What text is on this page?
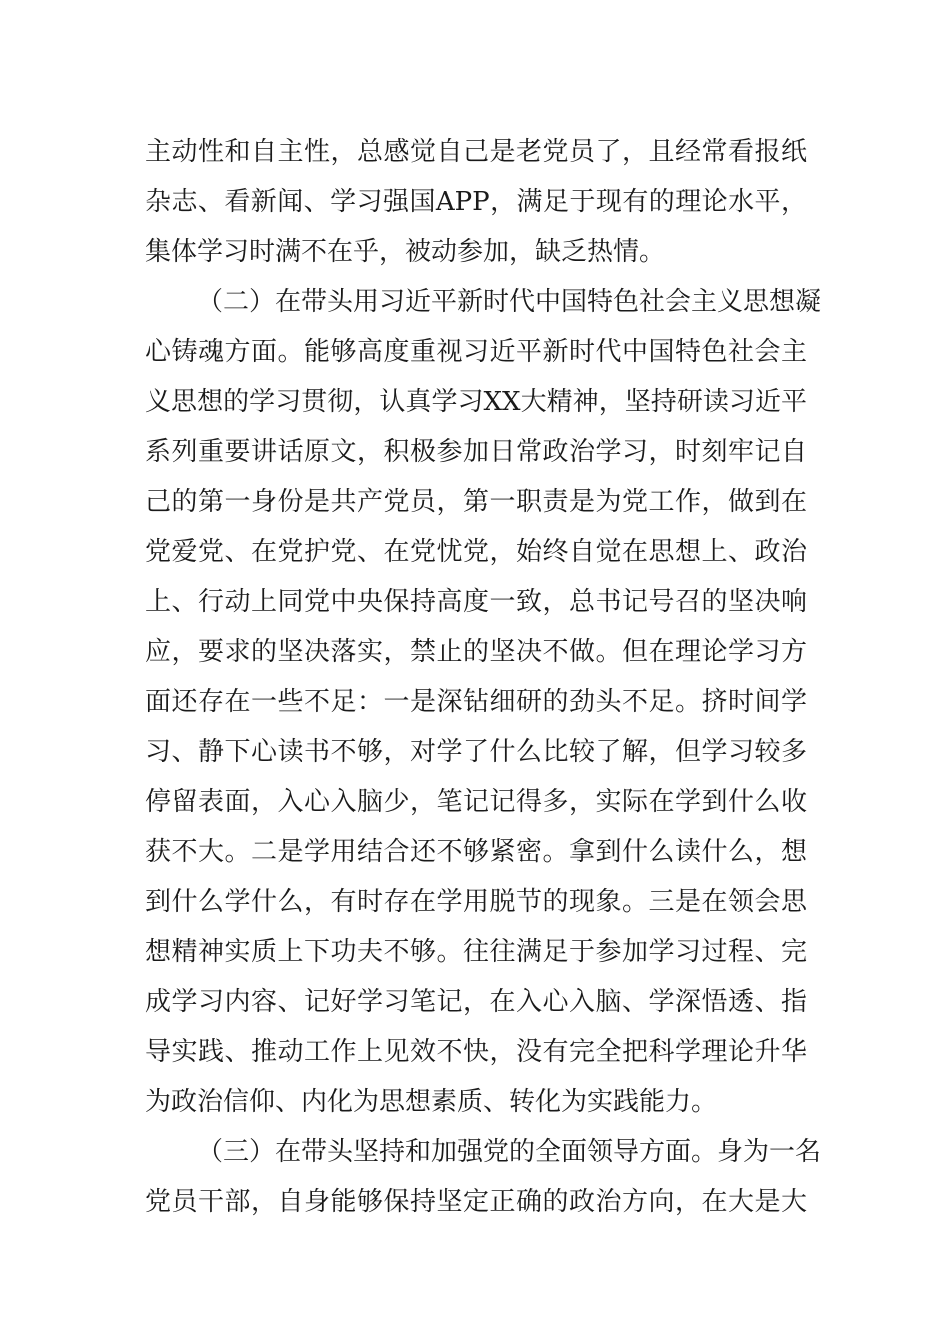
主动性和自主性，总感觉自己是老党员了，且经常看报纸
杂志、看新闻、学习强国APP，满足于现有的理论水平，
集体学习时满不在乎，被动参加，缺乏热情。
（二）在带头用习近平新时代中国特色社会主义思想凝
心铸魂方面。能够高度重视习近平新时代中国特色社会主
义思想的学习贯彻，认真学习XX大精神，坚持研读习近平
系列重要讲话原文，积极参加日常政治学习，时刻牢记自
己的第一身份是共产党员，第一职责是为党工作，做到在
党爱党、在党护党、在党忧党，始终自觉在思想上、政治
上、行动上同党中央保持高度一致，总书记号召的坚决响
应，要求的坚决落实，禁止的坚决不做。但在理论学习方
面还存在一些不足：一是深钻细研的劲头不足。挤时间学
习、静下心读书不够，对学了什么比较了解，但学习较多
停留表面，入心入脑少，笔记记得多，实际在学到什么收
获不大。二是学用结合还不够紧密。拿到什么读什么，想
到什么学什么，有时存在学用脱节的现象。三是在领会思
想精神实质上下功夫不够。往往满足于参加学习过程、完
成学习内容、记好学习笔记，在入心入脑、学深悟透、指
导实践、推动工作上见效不快，没有完全把科学理论升华
为政治信仰、内化为思想素质、转化为实践能力。
（三）在带头坚持和加强党的全面领导方面。身为一名
党员干部，自身能够保持坚定正确的政治方向，在大是大
